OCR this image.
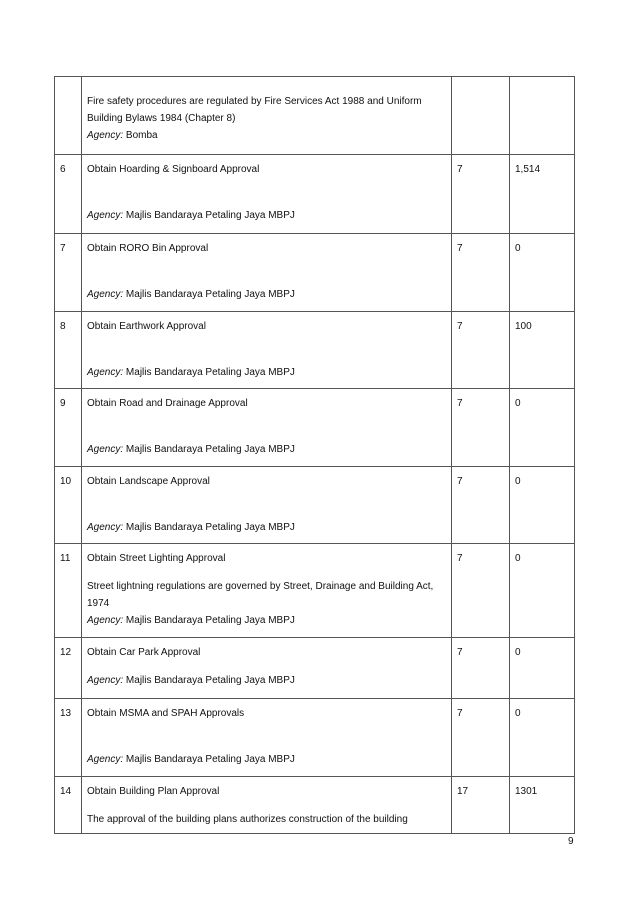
	Fire safety procedures are regulated by Fire Services Act 1988 and Uniform Building Bylaws 1984 (Chapter 8)
Agency: Bomba		

6	Obtain Hoarding & Signboard Approval
Agency: Majlis Bandaraya Petaling Jaya MBPJ	7	1,514
7	Obtain RORO Bin Approval
Agency: Majlis Bandaraya Petaling Jaya MBPJ	7	0
8	Obtain Earthwork Approval
Agency: Majlis Bandaraya Petaling Jaya MBPJ	7	100
9	Obtain Road and Drainage Approval
Agency: Majlis Bandaraya Petaling Jaya MBPJ	7	0
10	Obtain Landscape Approval
Agency: Majlis Bandaraya Petaling Jaya MBPJ	7	0
11	Obtain Street Lighting Approval
Street lightning regulations are governed by Street, Drainage and Building Act, 1974
Agency: Majlis Bandaraya Petaling Jaya MBPJ	7	0
12	Obtain Car Park Approval
Agency: Majlis Bandaraya Petaling Jaya MBPJ	7	0
13	Obtain MSMA and SPAH Approvals
Agency: Majlis Bandaraya Petaling Jaya MBPJ	7	0
14	Obtain Building Plan Approval
The approval of the building plans authorizes construction of the building	17	1301
9
